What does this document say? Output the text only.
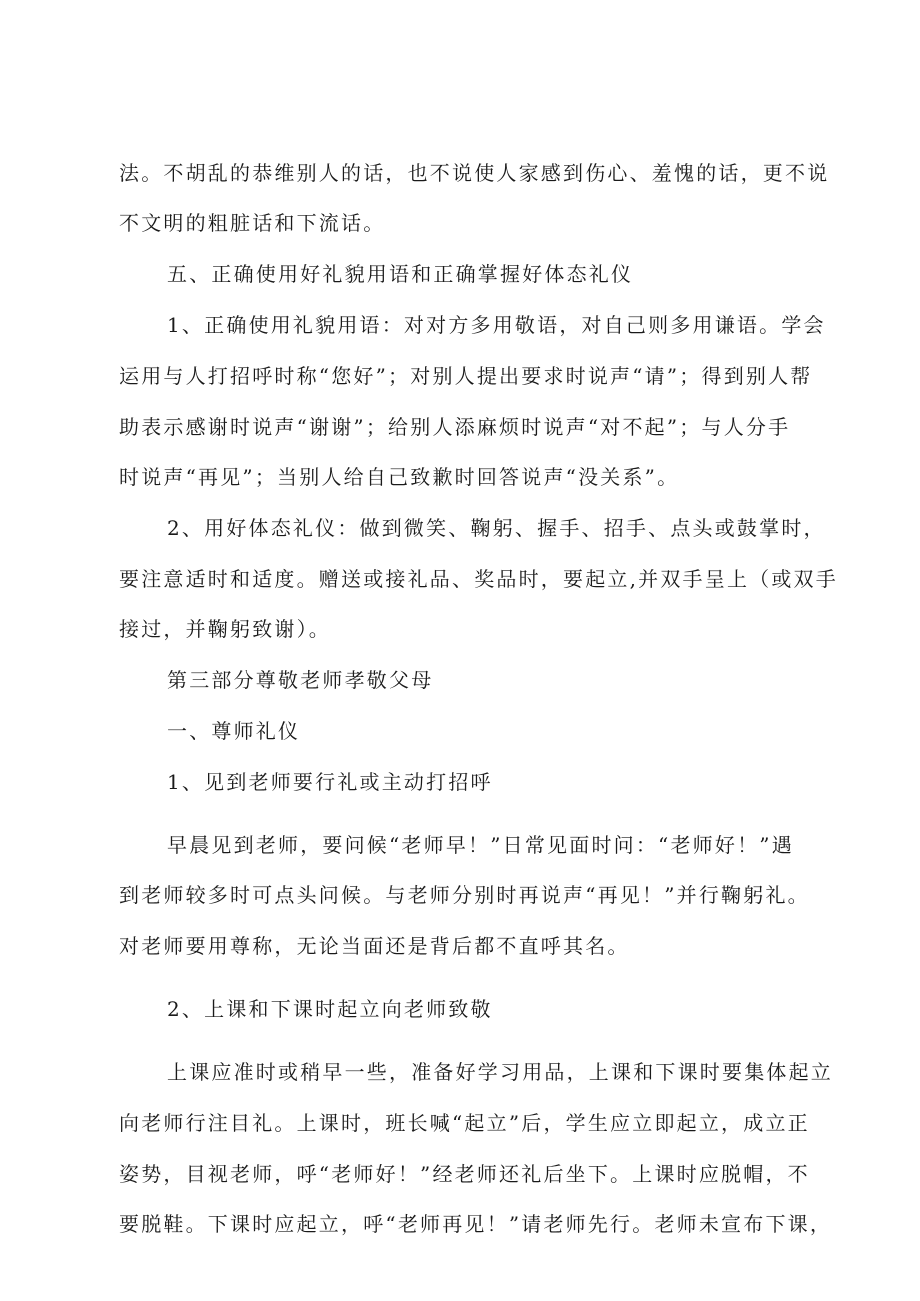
法。不胡乱的恭维别人的话，也不说使人家感到伤心、羞愧的话，更不说
不文明的粗脏话和下流话。
五、正确使用好礼貌用语和正确掌握好体态礼仪
1、正确使用礼貌用语：对对方多用敬语，对自己则多用谦语。学会
运用与人打招呼时称“您好”；对别人提出要求时说声“请”；得到别人帮
助表示感谢时说声“谢谢”；给别人添麻烦时说声“对不起”；与人分手
时说声“再见”；当别人给自己致歉时回答说声“没关系”。
2、用好体态礼仪：做到微笑、鞠躬、握手、招手、点头或鼓掌时，
要注意适时和适度。赠送或接礼品、奖品时，要起立,并双手呈上（或双手
接过，并鞠躬致谢）。
第三部分尊敬老师孝敬父母
一、尊师礼仪
1、见到老师要行礼或主动打招呼
早晨见到老师，要问候“老师早！”日常见面时问：“老师好！”遇
到老师较多时可点头问候。与老师分别时再说声“再见！”并行鞠躬礼。
对老师要用尊称，无论当面还是背后都不直呼其名。
2、上课和下课时起立向老师致敬
上课应准时或稍早一些，准备好学习用品，上课和下课时要集体起立
向老师行注目礼。上课时，班长喊“起立”后，学生应立即起立，成立正
姿势，目视老师，呼“老师好！”经老师还礼后坐下。上课时应脱帽，不
要脱鞋。下课时应起立，呼“老师再见！”请老师先行。老师未宣布下课，
